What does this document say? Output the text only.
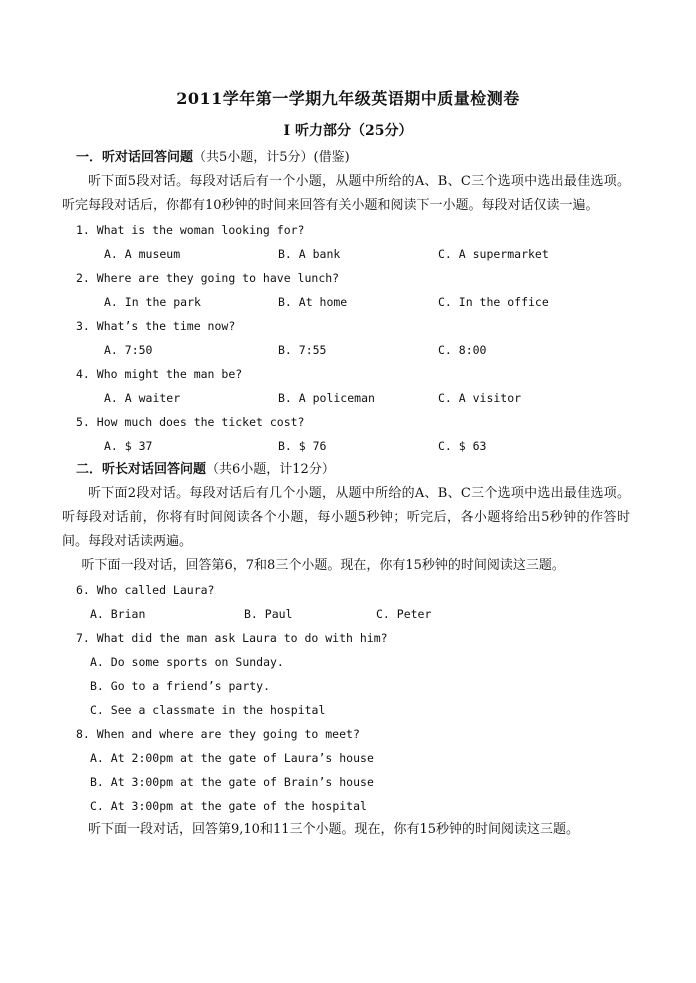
2011学年第一学期九年级英语期中质量检测卷
I 听力部分（25分）
一．听对话回答问题（共5小题，计5分）(借鉴)

听下面5段对话。每段对话后有一个小题，从题中所给的A、B、C三个选项中选出最佳选项。听完每段对话后，你都有10秒钟的时间来回答有关小题和阅读下一小题。每段对话仅读一遍。

1. What is the woman looking for?
A. A museum	B. A bank	C. A supermarket
2. Where are they going to have lunch?
A. In the park	B. At home	C. In the office
3. What’s the time now?
A. 7:50	B. 7:55	C. 8:00
4. Who might the man be?
A. A waiter	B. A policeman	C. A visitor
5. How much does the ticket cost?
A. $ 37	B. $ 76	C. $ 63
二．听长对话回答问题（共6小题，计12分）

听下面2段对话。每段对话后有几个小题，从题中所给的A、B、C三个选项中选出最佳选项。听每段对话前，你将有时间阅读各个小题，每小题5秒钟；听完后，各小题将给出5秒钟的作答时间。每段对话读两遍。

听下面一段对话，回答第6，7和8三个小题。现在，你有15秒钟的时间阅读这三题。

6. Who called Laura?
A. Brian	B. Paul	C. Peter
7. What did the man ask Laura to do with him?
A. Do some sports on Sunday.
B. Go to a friend’s party.
C. See a classmate in the hospital
8. When and where are they going to meet?
A. At 2:00pm at the gate of Laura’s house
B. At 3:00pm at the gate of Brain’s house
C. At 3:00pm at the gate of the hospital

听下面一段对话，回答第9,10和11三个小题。现在，你有15秒钟的时间阅读这三题。
